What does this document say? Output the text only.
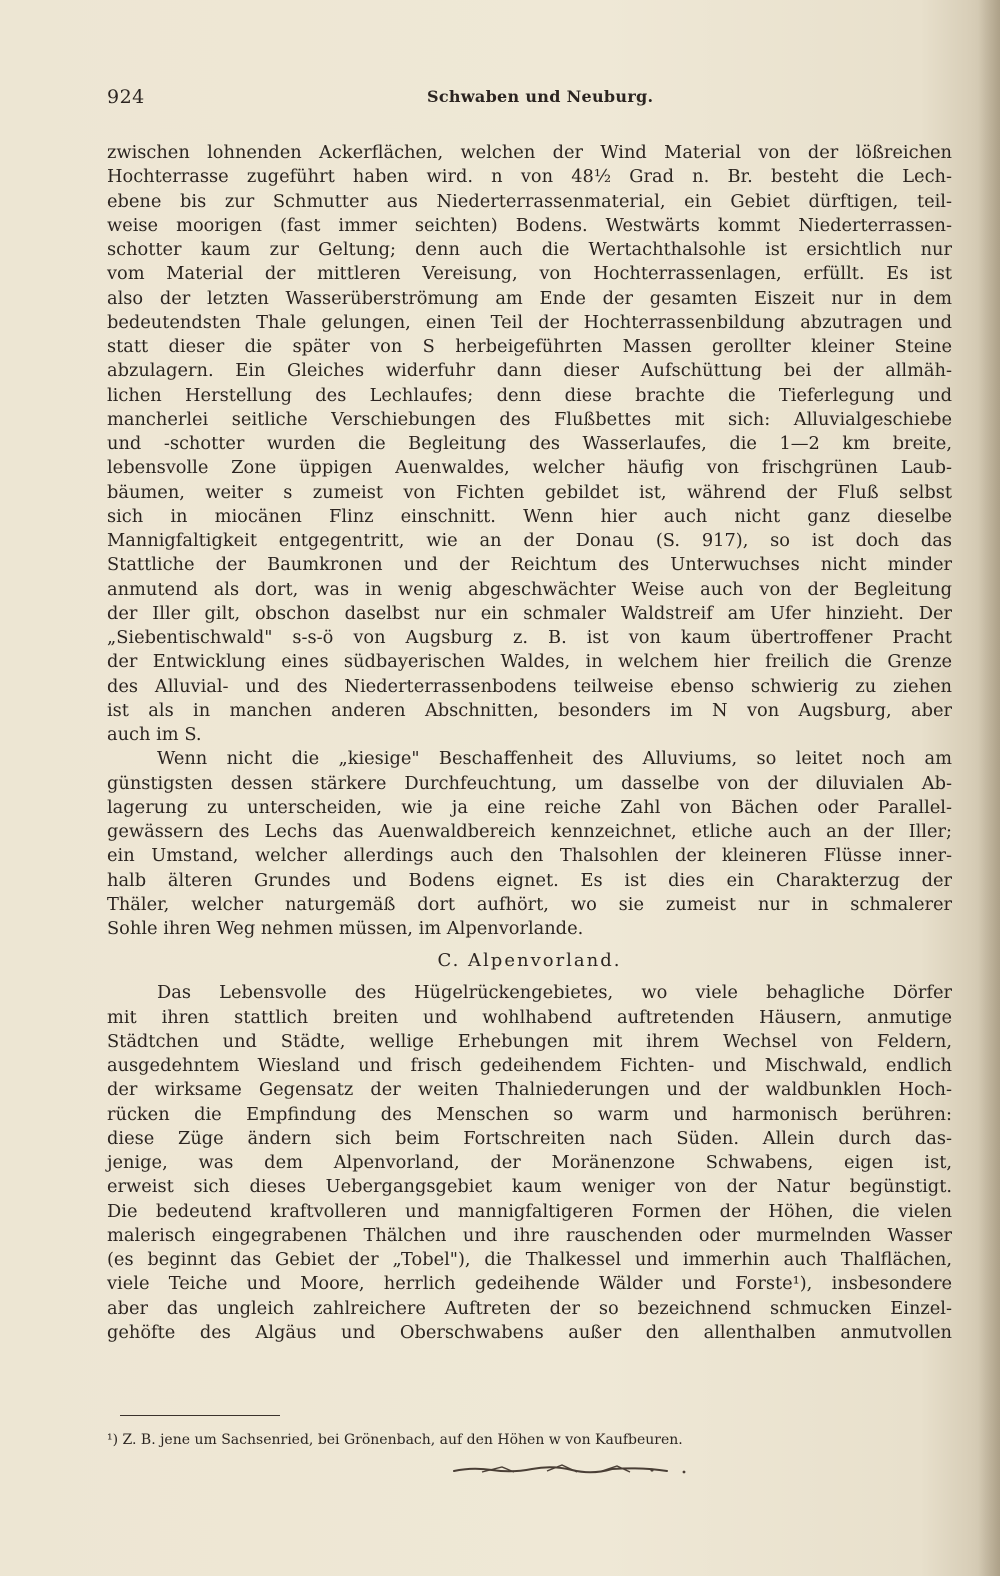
924	Schwaben und Neuburg.
zwischen lohnenden Ackerflächen, welchen der Wind Material von der lößreichen
Hochterrasse zugeführt haben wird. n von 48½ Grad n. Br. besteht die Lech-
ebene bis zur Schmutter aus Niederterrassenmaterial, ein Gebiet dürftigen, teil-
weise moorigen (fast immer seichten) Bodens. Westwärts kommt Niederterrassen-
schotter kaum zur Geltung; denn auch die Wertachthalsohle ist ersichtlich nur
vom Material der mittleren Vereisung, von Hochterrassenlagen, erfüllt. Es ist
also der letzten Wasserüberströmung am Ende der gesamten Eiszeit nur in dem
bedeutendsten Thale gelungen, einen Teil der Hochterrassenbildung abzutragen und
statt dieser die später von S herbeigeführten Massen gerollter kleiner Steine
abzulagern. Ein Gleiches widerfuhr dann dieser Aufschüttung bei der allmäh-
lichen Herstellung des Lechlaufes; denn diese brachte die Tieferlegung und
mancherlei seitliche Verschiebungen des Flußbettes mit sich: Alluvialgeschiebe
und -schotter wurden die Begleitung des Wasserlaufes, die 1—2 km breite,
lebensvolle Zone üppigen Auenwaldes, welcher häufig von frischgrünen Laub-
bäumen, weiter s zumeist von Fichten gebildet ist, während der Fluß selbst
sich in miocänen Flinz einschnitt. Wenn hier auch nicht ganz dieselbe
Mannigfaltigkeit entgegentritt, wie an der Donau (S. 917), so ist doch das
Stattliche der Baumkronen und der Reichtum des Unterwuchses nicht minder
anmutend als dort, was in wenig abgeschwächter Weise auch von der Begleitung
der Iller gilt, obschon daselbst nur ein schmaler Waldstreif am Ufer hinzieht. Der
„Siebentischwald" s-s-ö von Augsburg z. B. ist von kaum übertroffener Pracht
der Entwicklung eines südbayerischen Waldes, in welchem hier freilich die Grenze
des Alluvial- und des Niederterrassenbodens teilweise ebenso schwierig zu ziehen
ist als in manchen anderen Abschnitten, besonders im N von Augsburg, aber
auch im S.
Wenn nicht die „kiesige" Beschaffenheit des Alluviums, so leitet noch am
günstigsten dessen stärkere Durchfeuchtung, um dasselbe von der diluvialen Ab-
lagerung zu unterscheiden, wie ja eine reiche Zahl von Bächen oder Parallel-
gewässern des Lechs das Auenwaldbereich kennzeichnet, etliche auch an der Iller;
ein Umstand, welcher allerdings auch den Thalsohlen der kleineren Flüsse inner-
halb älteren Grundes und Bodens eignet. Es ist dies ein Charakterzug der
Thäler, welcher naturgemäß dort aufhört, wo sie zumeist nur in schmalerer
Sohle ihren Weg nehmen müssen, im Alpenvorlande.
C. Alpenvorland.
Das Lebensvolle des Hügelrückengebietes, wo viele behagliche Dörfer
mit ihren stattlich breiten und wohlhabend auftretenden Häusern, anmutige
Städtchen und Städte, wellige Erhebungen mit ihrem Wechsel von Feldern,
ausgedehntem Wiesland und frisch gedeihendem Fichten- und Mischwald, endlich
der wirksame Gegensatz der weiten Thalniederungen und der waldbunklen Hoch-
rücken die Empfindung des Menschen so warm und harmonisch berühren:
diese Züge ändern sich beim Fortschreiten nach Süden. Allein durch das-
jenige, was dem Alpenvorland, der Moränenzone Schwabens, eigen ist,
erweist sich dieses Uebergangsgebiet kaum weniger von der Natur begünstigt.
Die bedeutend kraftvolleren und mannigfaltigeren Formen der Höhen, die vielen
malerisch eingegrabenen Thälchen und ihre rauschenden oder murmelnden Wasser
(es beginnt das Gebiet der „Tobel"), die Thalkessel und immerhin auch Thalflächen,
viele Teiche und Moore, herrlich gedeihende Wälder und Forste¹), insbesondere
aber das ungleich zahlreichere Auftreten der so bezeichnend schmucken Einzel-
gehöfte des Algäus und Oberschwabens außer den allenthalben anmutvollen
¹) Z. B. jene um Sachsenried, bei Grönenbach, auf den Höhen w von Kaufbeuren.
